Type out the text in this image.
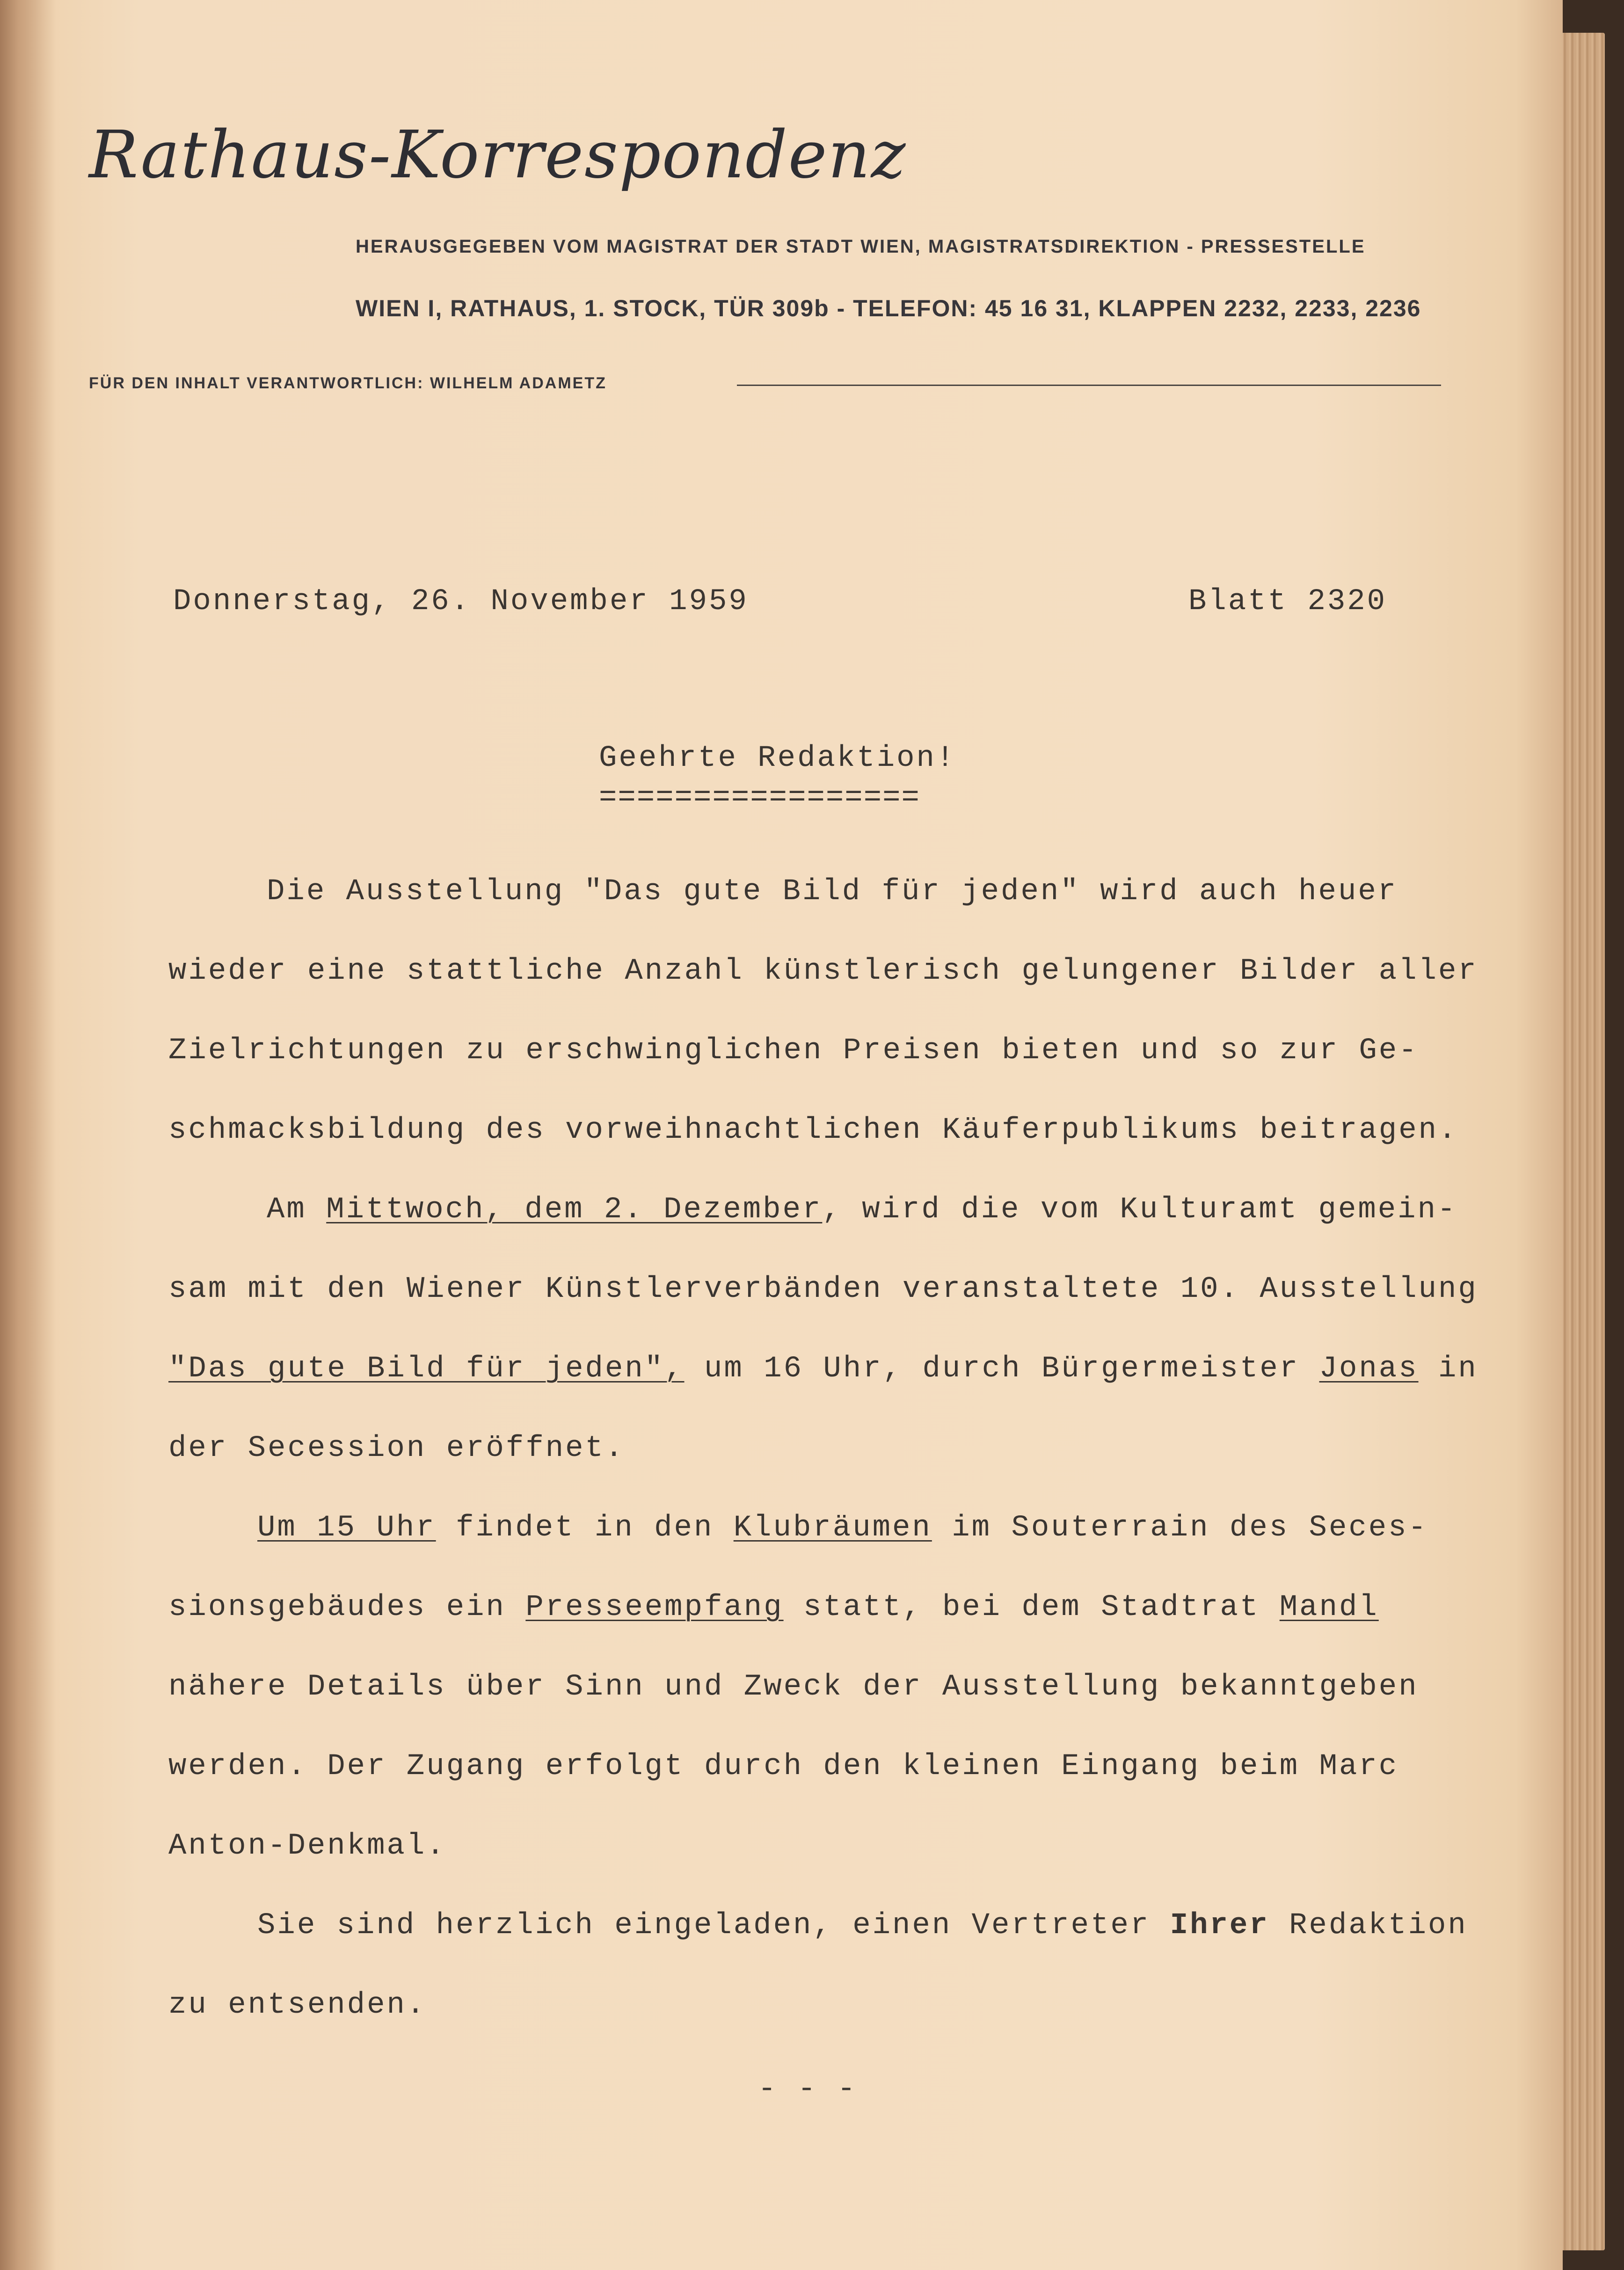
Rathaus-Korrespondenz
HERAUSGEGEBEN VOM MAGISTRAT DER STADT WIEN, MAGISTRATSDIREKTION - PRESSESTELLE
WIEN I, RATHAUS, 1. STOCK, TÜR 309b - TELEFON: 45 16 31, KLAPPEN 2232, 2233, 2236
FÜR DEN INHALT VERANTWORTLICH: WILHELM ADAMETZ
Donnerstag, 26. November 1959	Blatt 2320
Geehrte Redaktion!
=================
Die Ausstellung "Das gute Bild für jeden" wird auch heuer
wieder eine stattliche Anzahl künstlerisch gelungener Bilder aller
Zielrichtungen zu erschwinglichen Preisen bieten und so zur Ge-
schmacksbildung des vorweihnachtlichen Käuferpublikums beitragen.
Am Mittwoch, dem 2. Dezember, wird die vom Kulturamt gemein-
sam mit den Wiener Künstlerverbänden veranstaltete 10. Ausstellung
"Das gute Bild für jeden", um 16 Uhr, durch Bürgermeister Jonas in
der Secession eröffnet.
Um 15 Uhr findet in den Klubräumen im Souterrain des Seces-
sionsgebäudes ein Presseempfang statt, bei dem Stadtrat Mandl
nähere Details über Sinn und Zweck der Ausstellung bekanntgeben
werden. Der Zugang erfolgt durch den kleinen Eingang beim Marc
Anton-Denkmal.
Sie sind herzlich eingeladen, einen Vertreter Ihrer Redaktion
zu entsenden.
- - -
